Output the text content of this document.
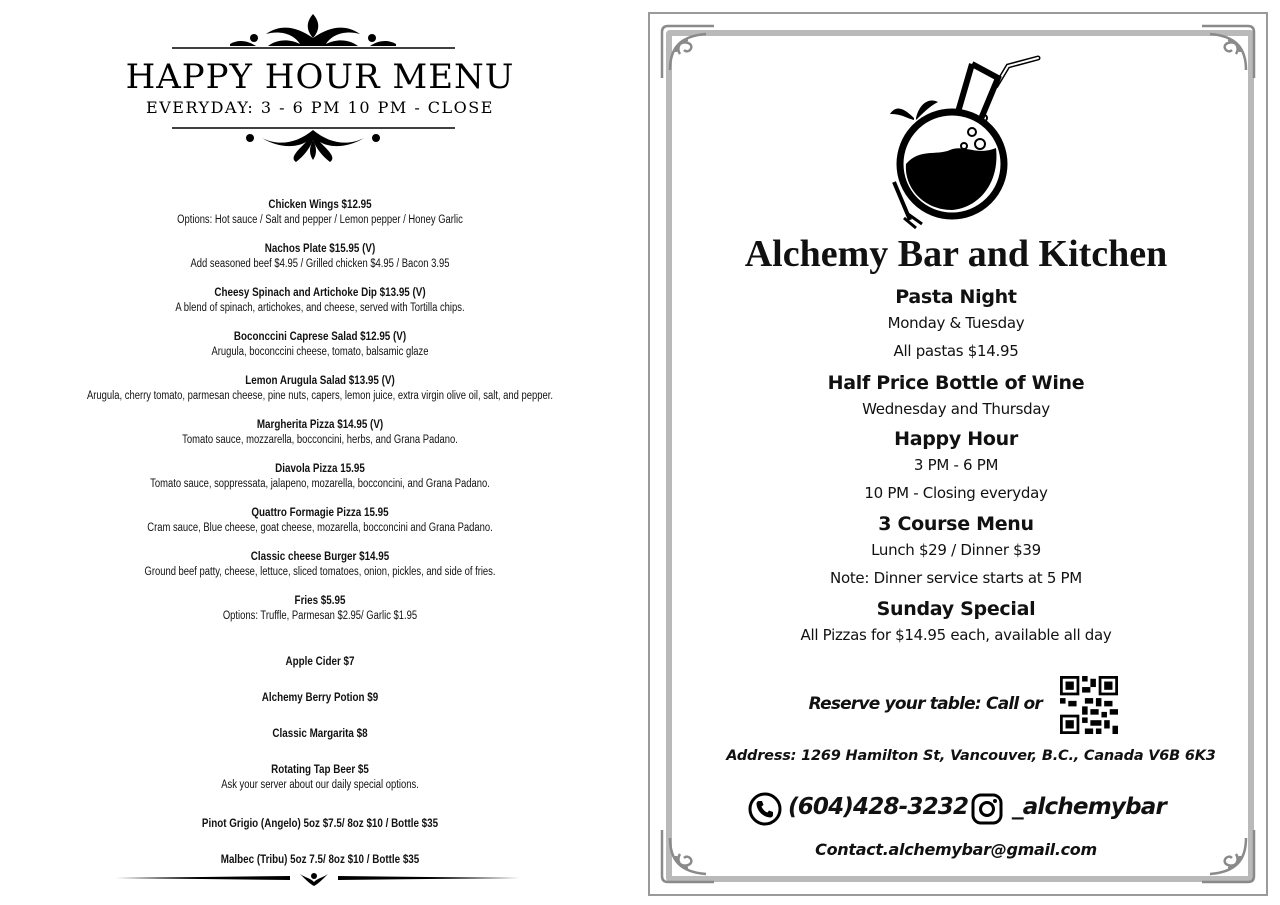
HAPPY HOUR MENU
EVERYDAY: 3 - 6 PM 10 PM - CLOSE
Chicken Wings $12.95
Options: Hot sauce / Salt and pepper / Lemon pepper / Honey Garlic
Nachos Plate $15.95 (V)
Add seasoned beef $4.95 / Grilled chicken $4.95 / Bacon 3.95
Cheesy Spinach and Artichoke Dip $13.95 (V)
A blend of spinach, artichokes, and cheese, served with Tortilla chips.
Boconccini Caprese Salad $12.95 (V)
Arugula, boconccini cheese, tomato, balsamic glaze
Lemon Arugula Salad $13.95 (V)
Arugula, cherry tomato, parmesan cheese, pine nuts, capers, lemon juice, extra virgin olive oil, salt, and pepper.
Margherita Pizza $14.95 (V)
Tomato sauce, mozzarella, bocconcini, herbs, and Grana Padano.
Diavola Pizza 15.95
Tomato sauce, soppressata, jalapeno, mozarella, bocconcini, and Grana Padano.
Quattro Formagie Pizza 15.95
Cram sauce, Blue cheese, goat cheese, mozarella, bocconcini and Grana Padano.
Classic cheese Burger $14.95
Ground beef patty, cheese, lettuce, sliced tomatoes, onion, pickles, and side of fries.
Fries $5.95
Options: Truffle, Parmesan $2.95/ Garlic $1.95
Apple Cider $7
Alchemy Berry Potion $9
Classic Margarita $8
Rotating Tap Beer $5
Ask your server about our daily special options.
Pinot Grigio (Angelo) 5oz $7.5/ 8oz $10 / Bottle $35
Malbec (Tribu) 5oz 7.5/ 8oz $10 / Bottle $35
Alchemy Bar and Kitchen
Pasta Night
Monday & Tuesday
All pastas $14.95
Half Price Bottle of Wine
Wednesday and Thursday
Happy Hour
3 PM - 6 PM
10 PM - Closing everyday
3 Course Menu
Lunch $29 / Dinner $39
Note: Dinner service starts at 5 PM
Sunday Special
All Pizzas for $14.95 each, available all day
Reserve your table: Call or
Address: 1269 Hamilton St, Vancouver, B.C., Canada V6B 6K3
(604)428-3232 _alchemybar
Contact.alchemybar@gmail.com
